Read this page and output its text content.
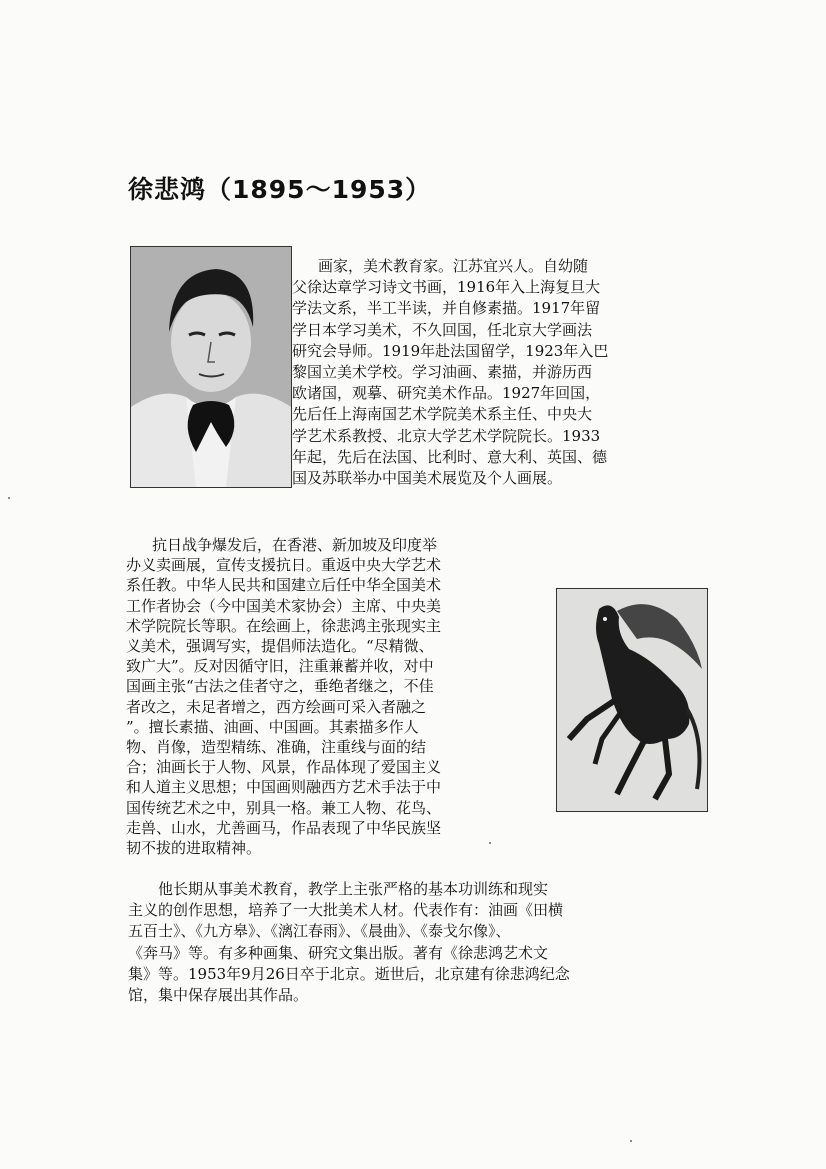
徐悲鸿（1895～1953）
画家，美术教育家。江苏宜兴人。自幼随
父徐达章学习诗文书画，1916年入上海复旦大
学法文系，半工半读，并自修素描。1917年留
学日本学习美术，不久回国，任北京大学画法
研究会导师。1919年赴法国留学，1923年入巴
黎国立美术学校。学习油画、素描，并游历西
欧诸国，观摹、研究美术作品。1927年回国，
先后任上海南国艺术学院美术系主任、中央大
学艺术系教授、北京大学艺术学院院长。1933
年起，先后在法国、比利时、意大利、英国、德
国及苏联举办中国美术展览及个人画展。
抗日战争爆发后，在香港、新加坡及印度举
办义卖画展，宣传支援抗日。重返中央大学艺术
系任教。中华人民共和国建立后任中华全国美术
工作者协会（今中国美术家协会）主席、中央美
术学院院长等职。在绘画上，徐悲鸿主张现实主
义美术，强调写实，提倡师法造化。“尽精微、
致广大”。反对因循守旧，注重兼蓄并收，对中
国画主张“古法之佳者守之，垂绝者继之，不佳
者改之，未足者增之，西方绘画可采入者融之
”。擅长素描、油画、中国画。其素描多作人
物、肖像，造型精练、准确，注重线与面的结
合；油画长于人物、风景，作品体现了爱国主义
和人道主义思想；中国画则融西方艺术手法于中
国传统艺术之中，别具一格。兼工人物、花鸟、
走兽、山水，尤善画马，作品表现了中华民族坚
韧不拔的进取精神。
他长期从事美术教育，教学上主张严格的基本功训练和现实
主义的创作思想，培养了一大批美术人材。代表作有：油画《田横
五百士》、《九方皋》、《漓江春雨》、《晨曲》、《泰戈尔像》、
《奔马》等。有多种画集、研究文集出版。著有《徐悲鸿艺术文
集》等。1953年9月26日卒于北京。逝世后，北京建有徐悲鸿纪念
馆，集中保存展出其作品。
